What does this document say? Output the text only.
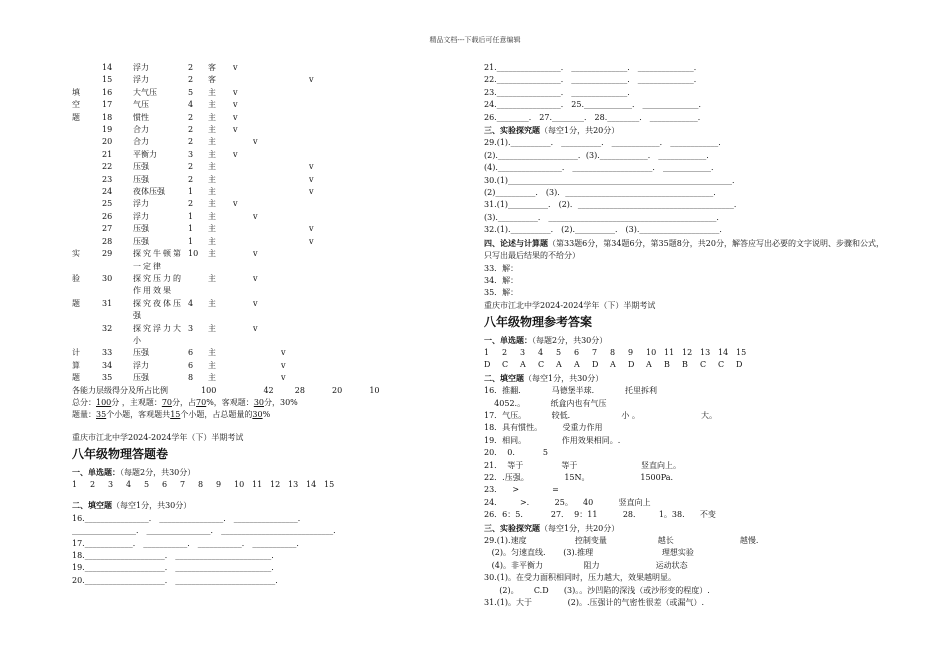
精品文档---下载后可任意编辑
	14	浮力	2	客	v			
	15	浮力	2	客				v
填	16	大气压	5	主	v			
空	17	气压	4	主	v			
题	18	惯性	2	主	v			
	19	合力	2	主	v			
	20	合力	2	主		v		
	21	平衡力	3	主	v			
	22	压强	2	主				v
	23	压强	2	主				v
	24	夜体压强	1	主				v
	25	浮力	2	主	v			
	26	浮力	1	主		v		
	27	压强	1	主				v
	28	压强	1	主				v
实	29	探究牛顿第一定律	10	主		v		
验	30	探究压力的作用效果		主		v		
题	31	探究夜体压强	4	主		v		
	32	探究浮力大小	3	主		v		
计	33	压强	6	主			v	
算	34	浮力	6	主			v	
题	35	压强	8	主			v	
各能力层级得分及所占比例	100	42	28	20	10
总分：100分 ，主观题：70分，占70%，客观题：30分，30%
题量：35个小题，客观题共15个小题，占总题量的30%
重庆市江北中学2024-2024学年（下）半期考试
八年级物理答题卷
一、单选题：（每题2分，共30分）
1 2 3 4 5 6 7 8 9 10 11 12 13 14 15
二、填空题（每空1分，共30分）
16.________________． ________________． ________________．
________________． ________________． ____________________________．
17.____________． ___________． ___________． ___________．
18.____________________． ________________________．
19.____________________． ________________________．
20.____________________． _________________________．
21.________________． ______________． ______________．
22.________________． ______________． ______________．
23.________________． ______________．
24.________________． 25.____________． ______________．
26.________． 27.________． 28.________． ____________．
三、实验探究题（每空1分，共20分）
29.(1).__________． __________． ____________． ____________．
(2).____________________．(3).____________． ____________．
(4).________________． ____________________． ____________．
30.(1)________________________________________________________．
(2)__________． (3)．_____________________________________．
31.(1)__________． (2)．_______________________________________．
(3).__________． __________________________________________．
32.(1).__________． (2).__________． (3).____________________．
四、论述与计算题（第33题6分，第34题6分，第35题8分，共20分，解答应写出必要的文字说明、步骤和公式，只写出最后结果的不给分）
33．解：
34．解：
35．解：
重庆市江北中学2024-2024学年（下）半期考试
八年级物理参考答案
一、单选题：（每题2分，共30分）
1 2 3 4 5 6 7 8 9 10 11 12 13 14 15
D C A C A A D A D A B B C C D
二、填空题（每空1分，共30分）
16．推翻．          马德堡半球．          托里拆利
4052.。          纸盒内也有气压
17．气压。          较低．                  小 。                        大。
18．具有惯性。        受重力作用
19．相同。              作用效果相同。.
20．  0.           5
21．  等于               等于                         竖直向上。
22．.压强。              15N。                    1500Pa.
23．    >             =
24．       >.          25。    40          竖直向上
26．6：5.           27．  9：11          28．       1。38.      不变
三、实验探究题（每空1分，共20分）
29.(1).速度                   控制变量                    越长                          越慢.
(2)。匀速直线.       (3).推理                           理想实验
(4)。非平衡力                阻力                      运动状态
30.(1)。在受力面积相同时，压力越大，效果越明显。
(2)。      C.D      (3)。。沙凹陷的深浅（或沙形变的程度）.
31.(1)。大于              (2)。.压强计的气密性很差（或漏气）.
